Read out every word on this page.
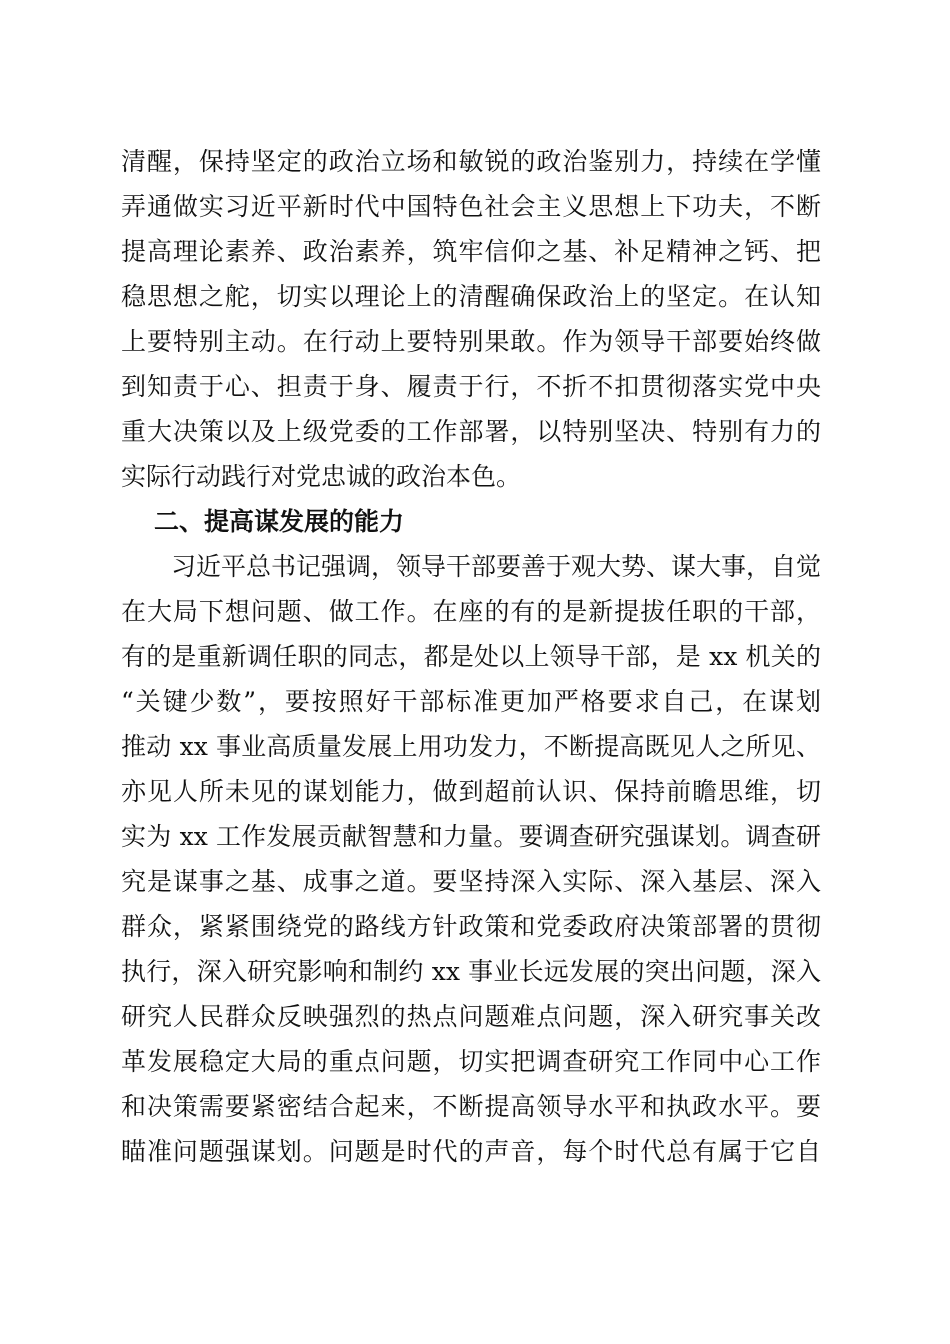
清醒，保持坚定的政治立场和敏锐的政治鉴别力，持续在学懂
弄通做实习近平新时代中国特色社会主义思想上下功夫，不断
提高理论素养、政治素养，筑牢信仰之基、补足精神之钙、把
稳思想之舵，切实以理论上的清醒确保政治上的坚定。在认知
上要特别主动。在行动上要特别果敢。作为领导干部要始终做
到知责于心、担责于身、履责于行，不折不扣贯彻落实党中央
重大决策以及上级党委的工作部署，以特别坚决、特别有力的
实际行动践行对党忠诚的政治本色。
二、提高谋发展的能力
习近平总书记强调，领导干部要善于观大势、谋大事，自觉
在大局下想问题、做工作。在座的有的是新提拔任职的干部，
有的是重新调任职的同志，都是处以上领导干部，是 xx 机关的
“关键少数”，要按照好干部标准更加严格要求自己，在谋划
推动 xx 事业高质量发展上用功发力，不断提高既见人之所见、
亦见人所未见的谋划能力，做到超前认识、保持前瞻思维，切
实为 xx 工作发展贡献智慧和力量。要调查研究强谋划。调查研
究是谋事之基、成事之道。要坚持深入实际、深入基层、深入
群众，紧紧围绕党的路线方针政策和党委政府决策部署的贯彻
执行，深入研究影响和制约 xx 事业长远发展的突出问题，深入
研究人民群众反映强烈的热点问题难点问题，深入研究事关改
革发展稳定大局的重点问题，切实把调查研究工作同中心工作
和决策需要紧密结合起来，不断提高领导水平和执政水平。要
瞄准问题强谋划。问题是时代的声音，每个时代总有属于它自
